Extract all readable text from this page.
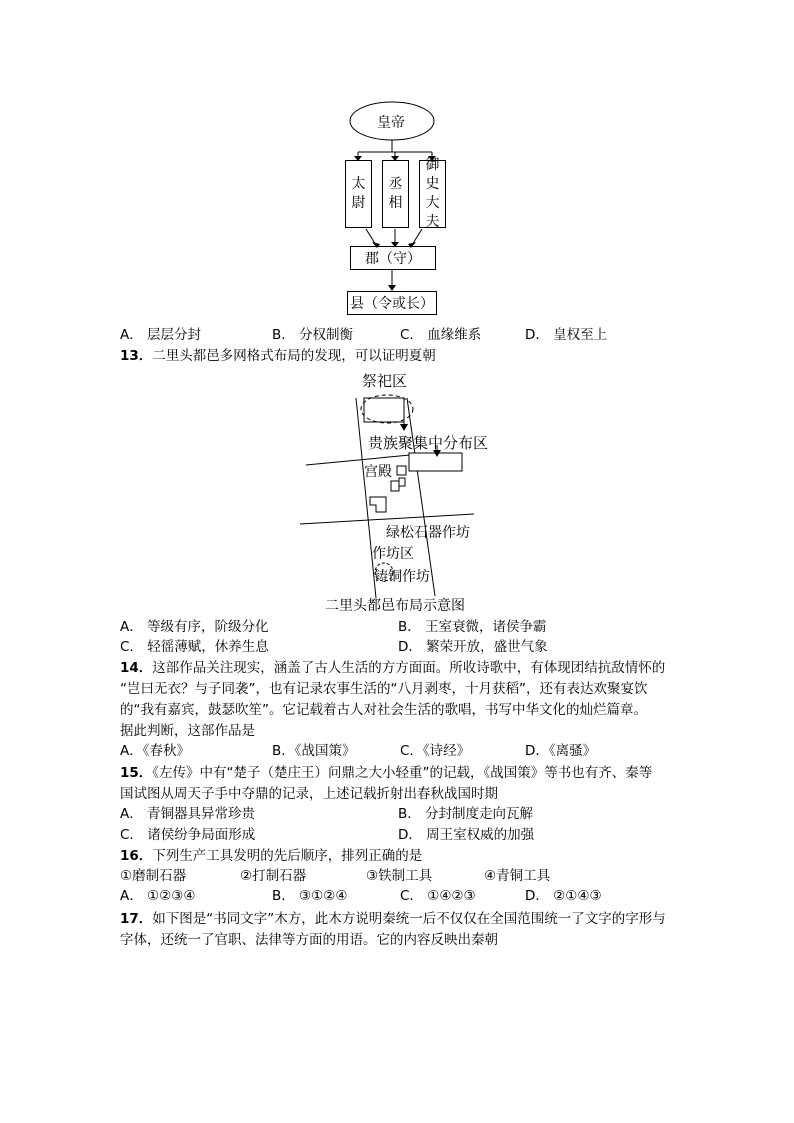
皇帝
太
尉
丞
相
御
史
大
夫
郡（守）
县（令或长）
A． 层层分封	B． 分权制衡	C． 血缘维系	D． 皇权至上
13．二里头都邑多网格式布局的发现，可以证明夏朝
祭祀区
贵族聚集中分布区
宫殿
绿松石器作坊
作坊区
铸铜作坊
二里头都邑布局示意图
A． 等级有序，阶级分化	B． 王室衰微，诸侯争霸
C． 轻徭薄赋，休养生息	D． 繁荣开放，盛世气象
14．这部作品关注现实，涵盖了古人生活的方方面面。所收诗歌中，有体现团结抗敌情怀的
“岂曰无衣？与子同袭”，也有记录农事生活的“八月剥枣，十月获稻”，还有表达欢聚宴饮
的“我有嘉宾，鼓瑟吹笙”。它记载着古人对社会生活的歌唱，书写中华文化的灿烂篇章。
据此判断，这部作品是
A．《春秋》	B．《战国策》	C．《诗经》	D．《离骚》
15．《左传》中有“楚子（楚庄王）问鼎之大小轻重”的记载，《战国策》等书也有齐、秦等
国试图从周天子手中夺鼎的记录，上述记载折射出春秋战国时期
A． 青铜器具异常珍贵	B． 分封制度走向瓦解
C． 诸侯纷争局面形成	D． 周王室权威的加强
16．下列生产工具发明的先后顺序，排列正确的是
①磨制石器	②打制石器	③铁制工具	④青铜工具
A． ①②③④	B． ③①②④	C． ①④②③	D． ②①④③
17．如下图是“书同文字”木方，此木方说明秦统一后不仅仅在全国范围统一了文字的字形与
字体，还统一了官职、法律等方面的用语。它的内容反映出秦朝
